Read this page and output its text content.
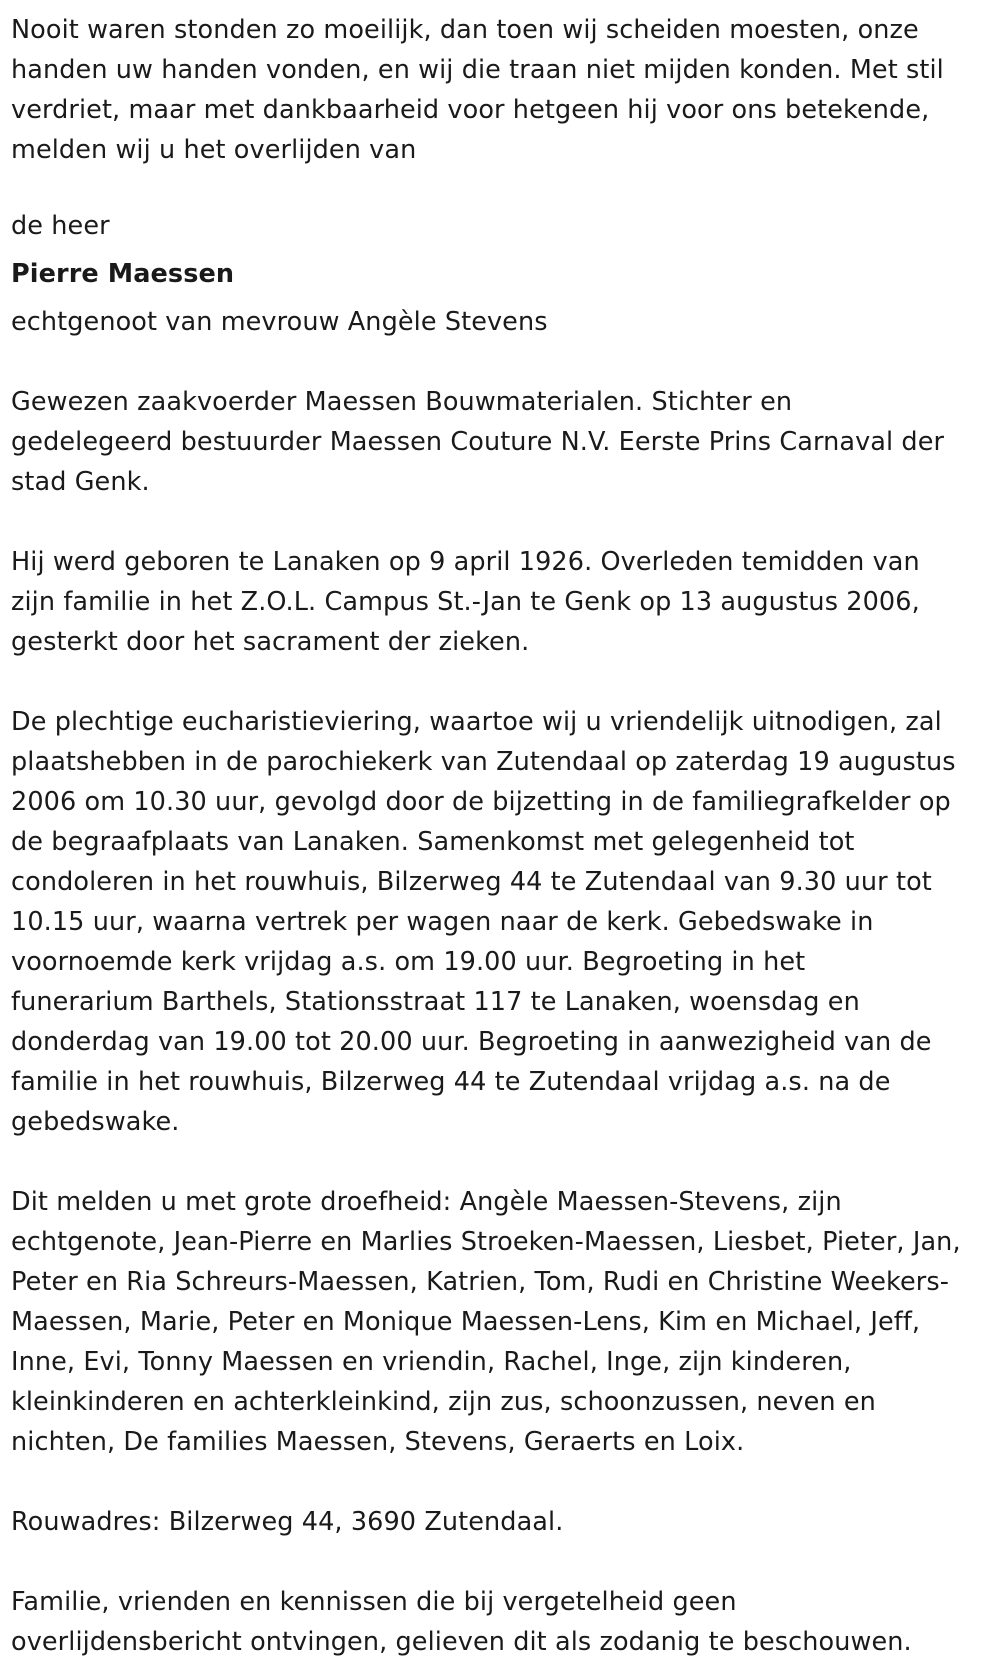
Nooit waren stonden zo moeilijk, dan toen wij scheiden moesten, onze
handen uw handen vonden, en wij die traan niet mijden konden. Met stil
verdriet, maar met dankbaarheid voor hetgeen hij voor ons betekende,
melden wij u het overlijden van

de heer

Pierre Maessen

echtgenoot van mevrouw Angèle Stevens

Gewezen zaakvoerder Maessen Bouwmaterialen. Stichter en
gedelegeerd bestuurder Maessen Couture N.V. Eerste Prins Carnaval der
stad Genk.

Hij werd geboren te Lanaken op 9 april 1926. Overleden temidden van
zijn familie in het Z.O.L. Campus St.-Jan te Genk op 13 augustus 2006,
gesterkt door het sacrament der zieken.

De plechtige eucharistieviering, waartoe wij u vriendelijk uitnodigen, zal
plaatshebben in de parochiekerk van Zutendaal op zaterdag 19 augustus
2006 om 10.30 uur, gevolgd door de bijzetting in de familiegrafkelder op
de begraafplaats van Lanaken. Samenkomst met gelegenheid tot
condoleren in het rouwhuis, Bilzerweg 44 te Zutendaal van 9.30 uur tot
10.15 uur, waarna vertrek per wagen naar de kerk. Gebedswake in
voornoemde kerk vrijdag a.s. om 19.00 uur. Begroeting in het
funerarium Barthels, Stationsstraat 117 te Lanaken, woensdag en
donderdag van 19.00 tot 20.00 uur. Begroeting in aanwezigheid van de
familie in het rouwhuis, Bilzerweg 44 te Zutendaal vrijdag a.s. na de
gebedswake.

Dit melden u met grote droefheid: Angèle Maessen-Stevens, zijn
echtgenote, Jean-Pierre en Marlies Stroeken-Maessen, Liesbet, Pieter, Jan,
Peter en Ria Schreurs-Maessen, Katrien, Tom, Rudi en Christine Weekers-
Maessen, Marie, Peter en Monique Maessen-Lens, Kim en Michael, Jeff,
Inne, Evi, Tonny Maessen en vriendin, Rachel, Inge, zijn kinderen,
kleinkinderen en achterkleinkind, zijn zus, schoonzussen, neven en
nichten, De families Maessen, Stevens, Geraerts en Loix.

Rouwadres: Bilzerweg 44, 3690 Zutendaal.

Familie, vrienden en kennissen die bij vergetelheid geen
overlijdensbericht ontvingen, gelieven dit als zodanig te beschouwen.
